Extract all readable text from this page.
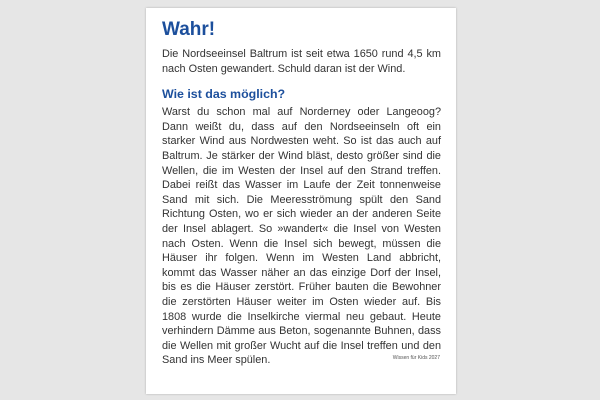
Wahr!

Die Nordseeinsel Baltrum ist seit etwa 1650 rund 4,5 km nach Osten gewandert. Schuld daran ist der Wind.

Wie ist das möglich?

Warst du schon mal auf Norderney oder Langeoog? Dann weißt du, dass auf den Nordseeinseln oft ein starker Wind aus Nordwesten weht. So ist das auch auf Baltrum. Je stärker der Wind bläst, desto größer sind die Wellen, die im Westen der Insel auf den Strand treffen. Dabei reißt das Wasser im Laufe der Zeit tonnenweise Sand mit sich. Die Meeresströmung spült den Sand Richtung Osten, wo er sich wieder an der anderen Seite der Insel ablagert. So »wandert« die Insel von Westen nach Osten. Wenn die Insel sich bewegt, müssen die Häuser ihr folgen. Wenn im Westen Land abbricht, kommt das Wasser näher an das einzige Dorf der Insel, bis es die Häuser zerstört. Früher bauten die Bewohner die zerstörten Häuser weiter im Osten wieder auf. Bis 1808 wurde die Inselkirche viermal neu gebaut. Heute verhindern Dämme aus Beton, sogenannte Buhnen, dass die Wellen mit großer Wucht auf die Insel treffen und den Sand ins Meer spülen.	Wissen für Kids 2027
